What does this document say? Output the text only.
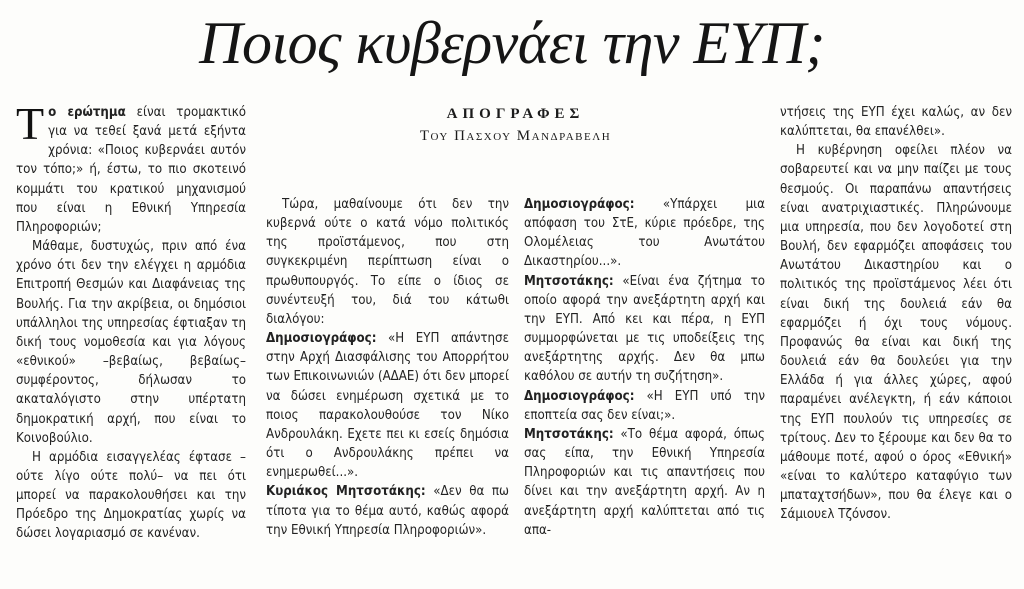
Ποιος κυβερνάει την ΕΥΠ;
ΑΠΟΓΡΑΦΕΣ
Του Πασχου Μανδραβελη

Το ερώτημα είναι τρομακτικό για να τεθεί ξανά μετά εξήντα χρόνια: «Ποιος κυβερνάει αυτόν τον τόπο;» ή, έστω, το πιο σκοτεινό κομμάτι του κρατικού μηχανισμού που είναι η Εθνική Υπηρεσία Πληροφοριών;

Μάθαμε, δυστυχώς, πριν από ένα χρόνο ότι δεν την ελέγχει η αρμόδια Επιτροπή Θεσμών και Διαφάνειας της Βουλής. Για την ακρίβεια, οι δημόσιοι υπάλληλοι της υπηρεσίας έφτιαξαν τη δική τους νομοθεσία και για λόγους «εθνικού» –βεβαίως, βεβαίως– συμφέροντος, δήλωσαν το ακαταλόγιστο στην υπέρτατη δημοκρατική αρχή, που είναι το Κοινοβούλιο.

Η αρμόδια εισαγγελέας έφτασε –ούτε λίγο ούτε πολύ– να πει ότι μπορεί να παρακολουθήσει και την Πρόεδρο της Δημοκρατίας χωρίς να δώσει λογαριασμό σε κανέναν.

Τώρα, μαθαίνουμε ότι δεν την κυβερνά ούτε ο κατά νόμο πολιτικός της προϊστάμενος, που στη συγκεκριμένη περίπτωση είναι ο πρωθυπουργός. Το είπε ο ίδιος σε συνέντευξή του, διά του κάτωθι διαλόγου:

Δημοσιογράφος: «Η ΕΥΠ απάντησε στην Αρχή Διασφάλισης του Απορρήτου των Επικοινωνιών (ΑΔΑΕ) ότι δεν μπορεί να δώσει ενημέρωση σχετικά με το ποιος παρακολουθούσε τον Νίκο Ανδρουλάκη. Εχετε πει κι εσείς δημόσια ότι ο Ανδρουλάκης πρέπει να ενημερωθεί...».

Κυριάκος Μητσοτάκης: «Δεν θα πω τίποτα για το θέμα αυτό, καθώς αφορά την Εθνική Υπηρεσία Πληροφοριών».

Δημοσιογράφος: «Υπάρχει μια απόφαση του ΣτΕ, κύριε πρόεδρε, της Ολομέλειας του Ανωτάτου Δικαστηρίου...».

Μητσοτάκης: «Είναι ένα ζήτημα το οποίο αφορά την ανεξάρτητη αρχή και την ΕΥΠ. Από κει και πέρα, η ΕΥΠ συμμορφώνεται με τις υποδείξεις της ανεξάρτητης αρχής. Δεν θα μπω καθόλου σε αυτήν τη συζήτηση».

Δημοσιογράφος: «Η ΕΥΠ υπό την εποπτεία σας δεν είναι;».

Μητσοτάκης: «Το θέμα αφορά, όπως σας είπα, την Εθνική Υπηρεσία Πληροφοριών και τις απαντήσεις που δίνει και την ανεξάρτητη αρχή. Αν η ανεξάρτητη αρχή καλύπτεται από τις απα-

ντήσεις της ΕΥΠ έχει καλώς, αν δεν καλύπτεται, θα επανέλθει».

Η κυβέρνηση οφείλει πλέον να σοβαρευτεί και να μην παίζει με τους θεσμούς. Οι παραπάνω απαντήσεις είναι ανατριχιαστικές. Πληρώνουμε μια υπηρεσία, που δεν λογοδοτεί στη Βουλή, δεν εφαρμόζει αποφάσεις του Ανωτάτου Δικαστηρίου και ο πολιτικός της προϊστάμενος λέει ότι είναι δική της δουλειά εάν θα εφαρμόζει ή όχι τους νόμους. Προφανώς θα είναι και δική της δουλειά εάν θα δουλεύει για την Ελλάδα ή για άλλες χώρες, αφού παραμένει ανέλεγκτη, ή εάν κάποιοι της ΕΥΠ πουλούν τις υπηρεσίες σε τρίτους. Δεν το ξέρουμε και δεν θα το μάθουμε ποτέ, αφού ο όρος «Εθνική» «είναι το καλύτερο καταφύγιο των μπαταχτσήδων», που θα έλεγε και ο Σάμιουελ Τζόνσον.
